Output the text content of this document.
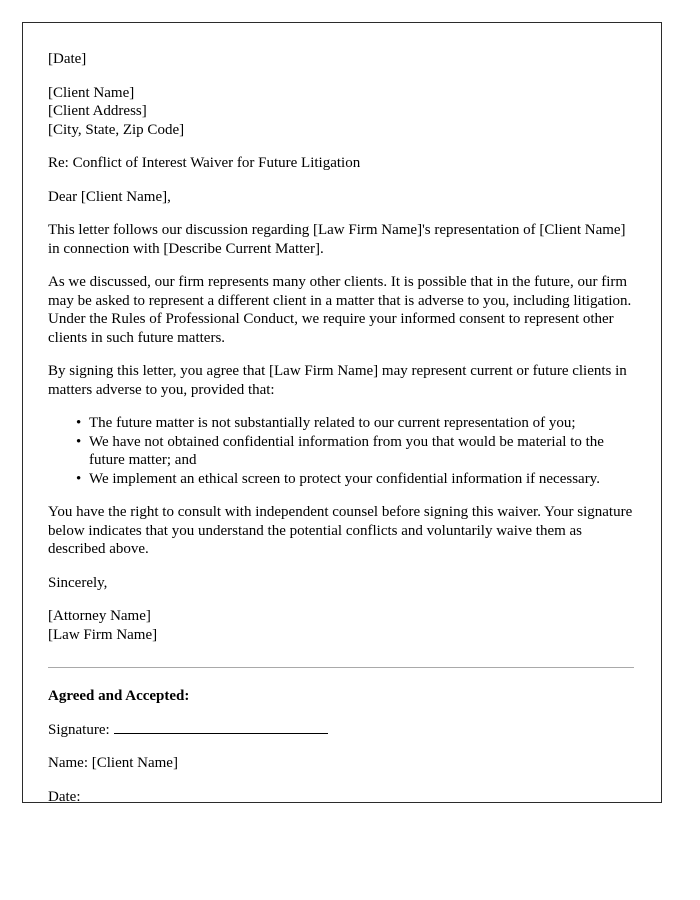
[Date]

[Client Name]

[Client Address]

[City, State, Zip Code]

Re: Conflict of Interest Waiver for Future Litigation

Dear [Client Name],

This letter follows our discussion regarding [Law Firm Name]'s representation of [Client Name] in connection with [Describe Current Matter].

As we discussed, our firm represents many other clients. It is possible that in the future, our firm may be asked to represent a different client in a matter that is adverse to you, including litigation. Under the Rules of Professional Conduct, we require your informed consent to represent other clients in such future matters.

By signing this letter, you agree that [Law Firm Name] may represent current or future clients in matters adverse to you, provided that:

• The future matter is not substantially related to our current representation of you;
• We have not obtained confidential information from you that would be material to the future matter; and
• We implement an ethical screen to protect your confidential information if necessary.

You have the right to consult with independent counsel before signing this waiver. Your signature below indicates that you understand the potential conflicts and voluntarily waive them as described above.

Sincerely,

[Attorney Name]

[Law Firm Name]

Agreed and Accepted:

Signature:

Name: [Client Name]

Date:
